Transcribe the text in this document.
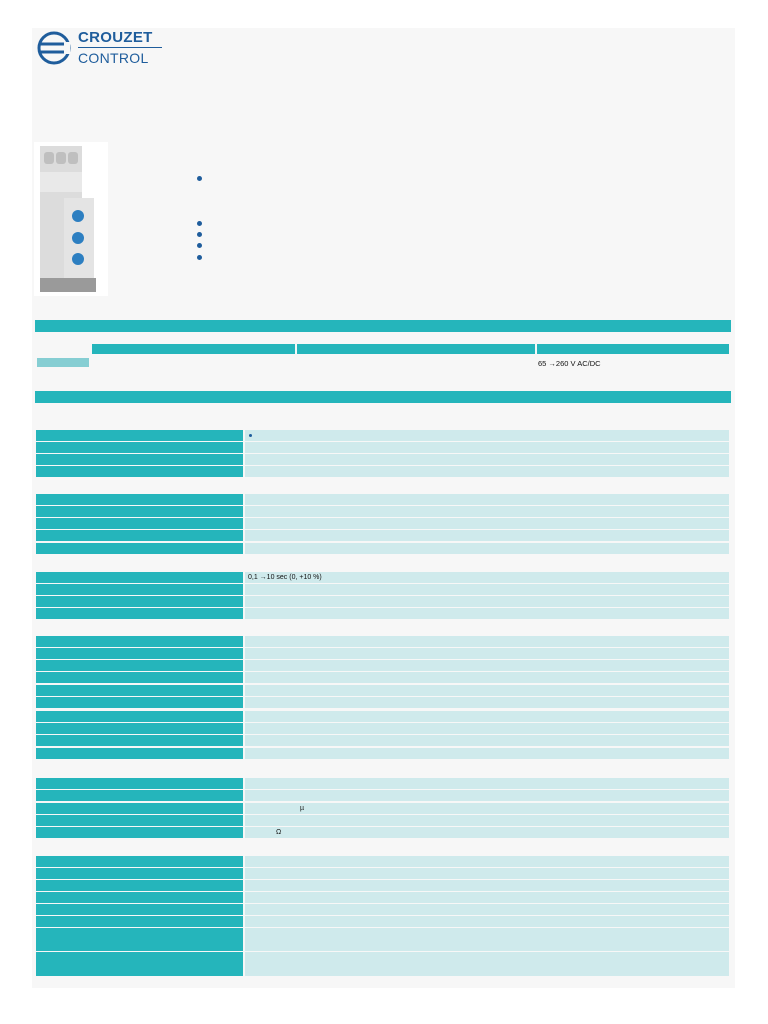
CROUZET
CONTROL
65 →260 V AC/DC
0,1 →10 sec (0, +10 %)
µ
Ω
